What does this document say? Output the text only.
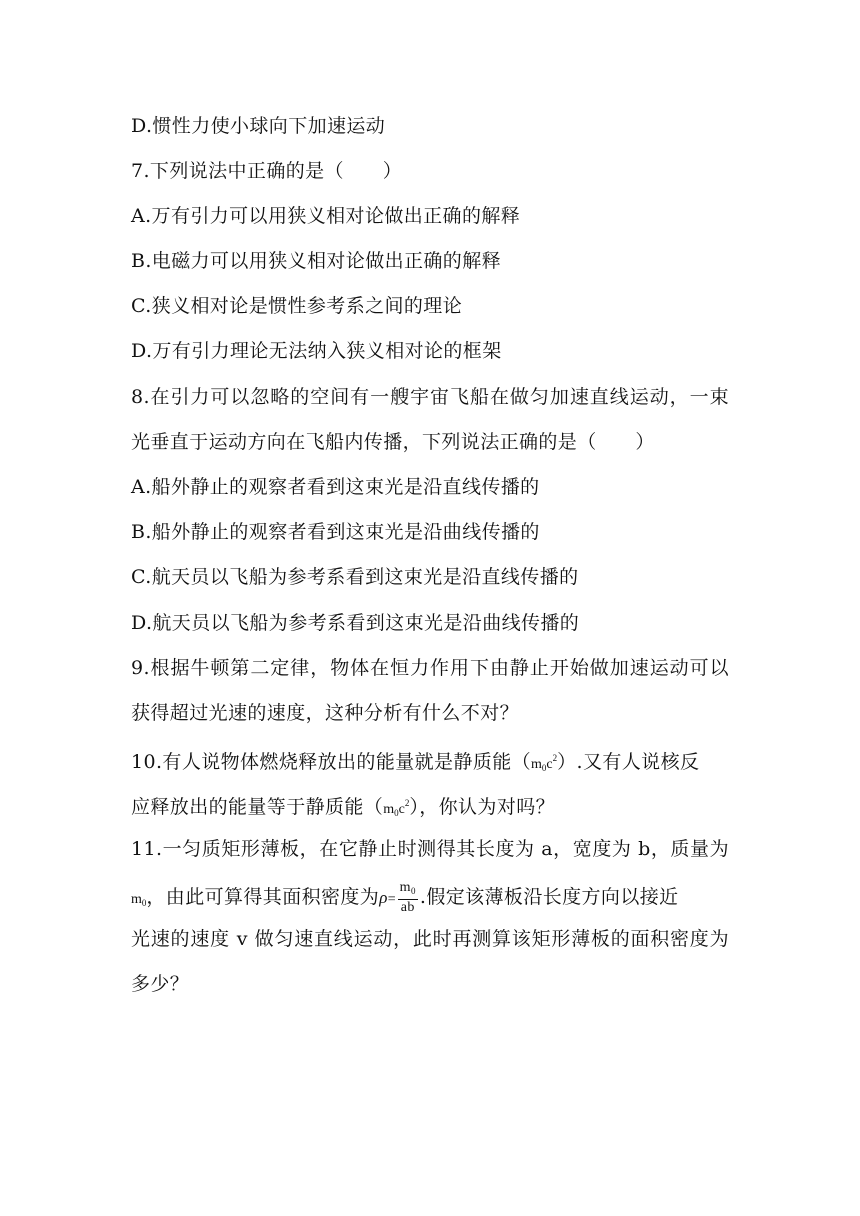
D.惯性力使小球向下加速运动
7.下列说法中正确的是（　　）
A.万有引力可以用狭义相对论做出正确的解释
B.电磁力可以用狭义相对论做出正确的解释
C.狭义相对论是惯性参考系之间的理论
D.万有引力理论无法纳入狭义相对论的框架
8.在引力可以忽略的空间有一艘宇宙飞船在做匀加速直线运动，一束
光垂直于运动方向在飞船内传播，下列说法正确的是（　　）
A.船外静止的观察者看到这束光是沿直线传播的
B.船外静止的观察者看到这束光是沿曲线传播的
C.航天员以飞船为参考系看到这束光是沿直线传播的
D.航天员以飞船为参考系看到这束光是沿曲线传播的
9.根据牛顿第二定律，物体在恒力作用下由静止开始做加速运动可以
获得超过光速的速度，这种分析有什么不对？
10.有人说物体燃烧释放出的能量就是静质能$(m_0c^2)$.又有人说核反
应释放出的能量等于静质能$(m_0c^2)$，你认为对吗？
11.一匀质矩形薄板，在它静止时测得其长度为 a，宽度为 b，质量为
$m_0$，由此可算得其面积密度为$\rho= \frac{m_0}{ab}$ .假定该薄板沿长度方向以接近
光速的速度 v 做匀速直线运动，此时再测算该矩形薄板的面积密度为
多少？
